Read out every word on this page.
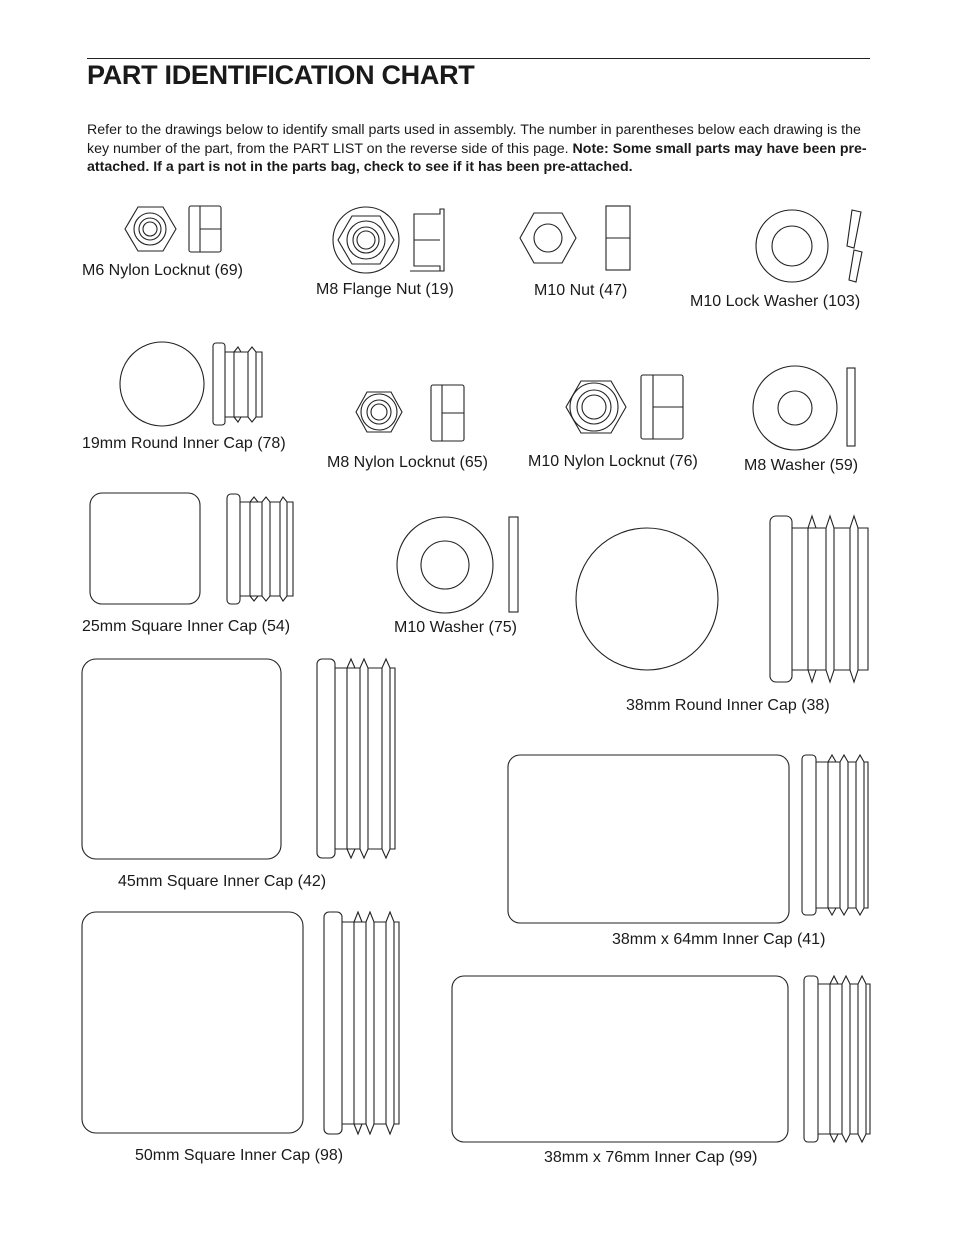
PART IDENTIFICATION CHART

Refer to the drawings below to identify small parts used in assembly. The number in parentheses below each drawing is the key number of the part, from the PART LIST on the reverse side of this page. Note: Some small parts may have been pre-attached. If a part is not in the parts bag, check to see if it has been pre-attached.

M6 Nylon Locknut (69)
M8 Flange Nut (19)	M10 Nut (47)
M10 Lock Washer (103)
19mm Round Inner Cap (78)
M8 Nylon Locknut (65)	M10 Nylon Locknut (76)	M8 Washer (59)
25mm Square Inner Cap (54)	M10 Washer (75)
38mm Round Inner Cap (38)
45mm Square Inner Cap (42)
38mm x 64mm Inner Cap (41)
50mm Square Inner Cap (98)	38mm x 76mm Inner Cap (99)
